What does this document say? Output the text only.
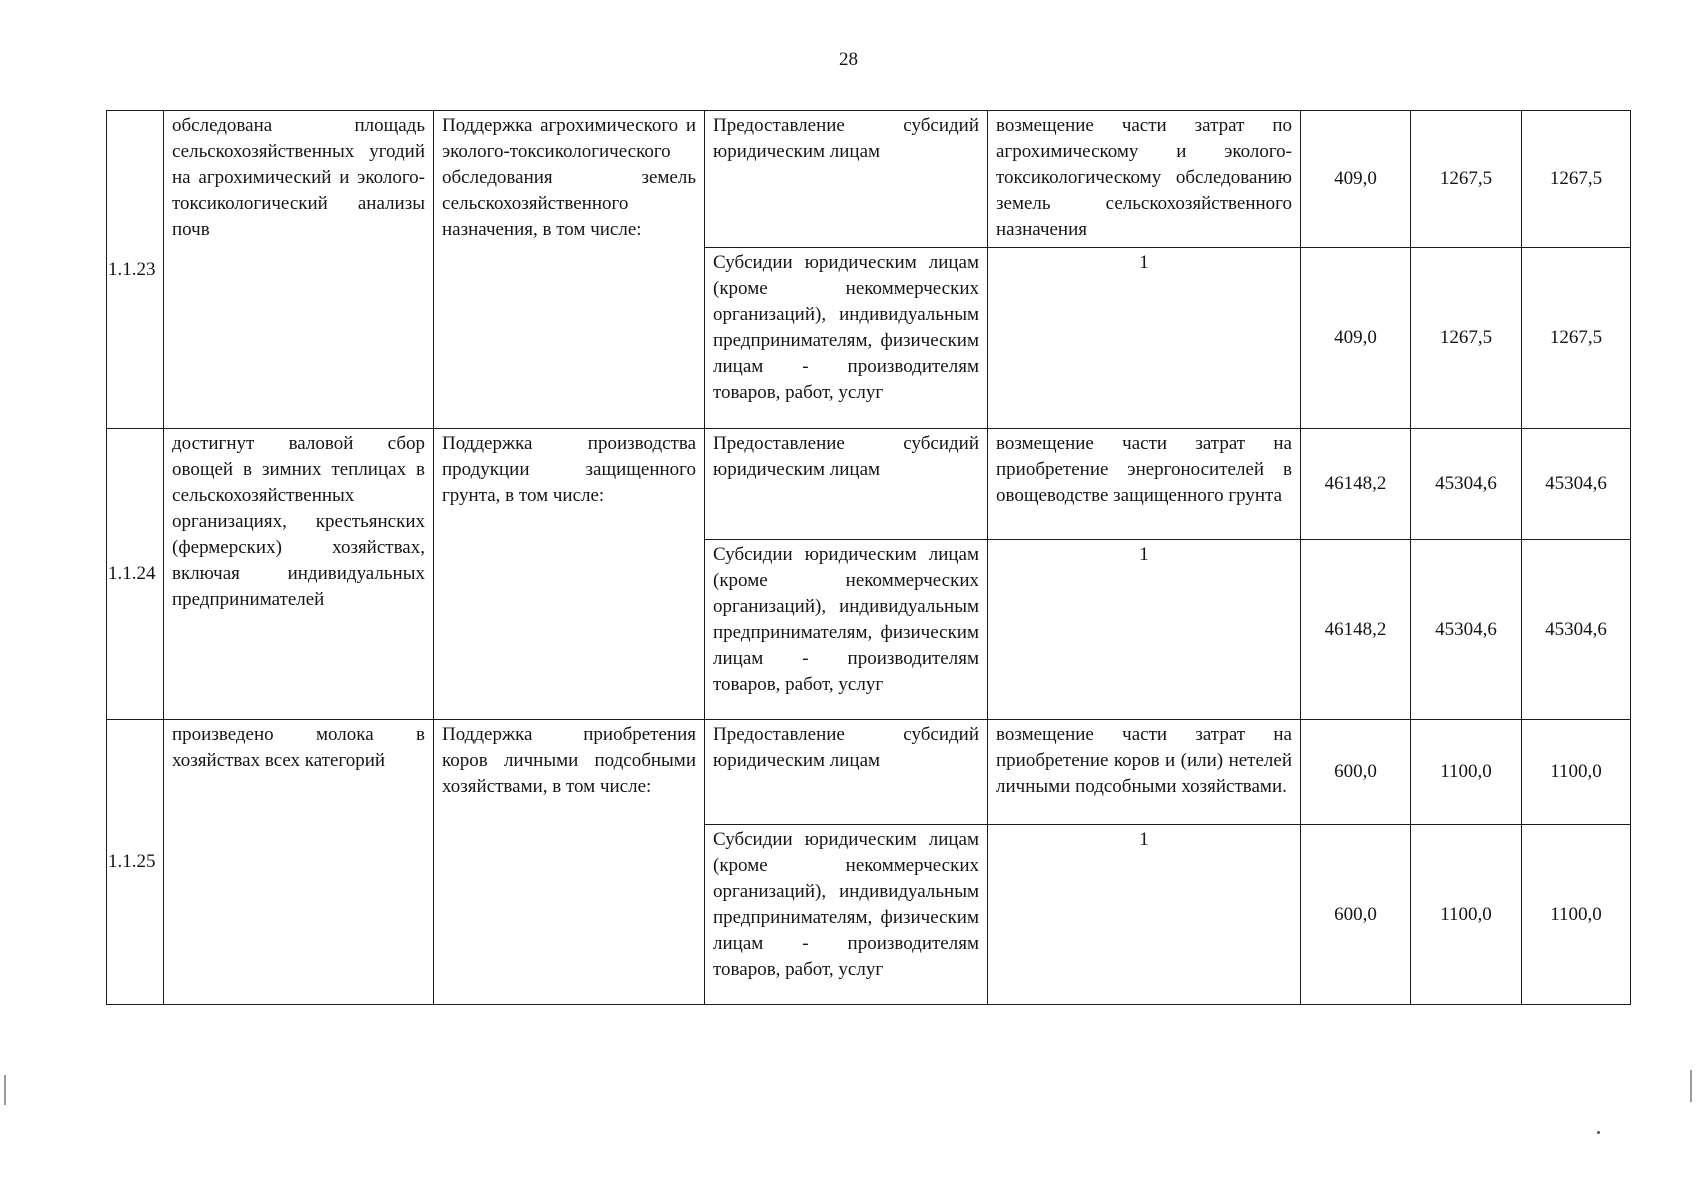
28
1.1.23	обследована площадь сельскохозяйственных угодий на агрохимический и эколого-токсикологический анализы почв	Поддержка агрохимического и эколого-токсикологического обследования земель сельскохозяйственного назначения, в том числе:	Предоставление субсидий юридическим лицам	возмещение части затрат по агрохимическому и эколого-токсикологическому обследованию земель сельскохозяйственного назначения	409,0	1267,5	1267,5
			Субсидии юридическим лицам (кроме некоммерческих организаций), индивидуальным предпринимателям, физическим лицам - производителям товаров, работ, услуг	1	409,0	1267,5	1267,5
1.1.24	достигнут валовой сбор овощей в зимних теплицах в сельскохозяйственных организациях, крестьянских (фермерских) хозяйствах, включая индивидуальных предпринимателей	Поддержка производства продукции защищенного грунта, в том числе:	Предоставление субсидий юридическим лицам	возмещение части затрат на приобретение энергоносителей в овощеводстве защищенного грунта	46148,2	45304,6	45304,6
			Субсидии юридическим лицам (кроме некоммерческих организаций), индивидуальным предпринимателям, физическим лицам - производителям товаров, работ, услуг	1	46148,2	45304,6	45304,6
1.1.25	произведено молока в хозяйствах всех категорий	Поддержка приобретения коров личными подсобными хозяйствами, в том числе:	Предоставление субсидий юридическим лицам	возмещение части затрат на приобретение коров и (или) нетелей личными подсобными хозяйствами.	600,0	1100,0	1100,0
			Субсидии юридическим лицам (кроме некоммерческих организаций), индивидуальным предпринимателям, физическим лицам - производителям товаров, работ, услуг	1	600,0	1100,0	1100,0
